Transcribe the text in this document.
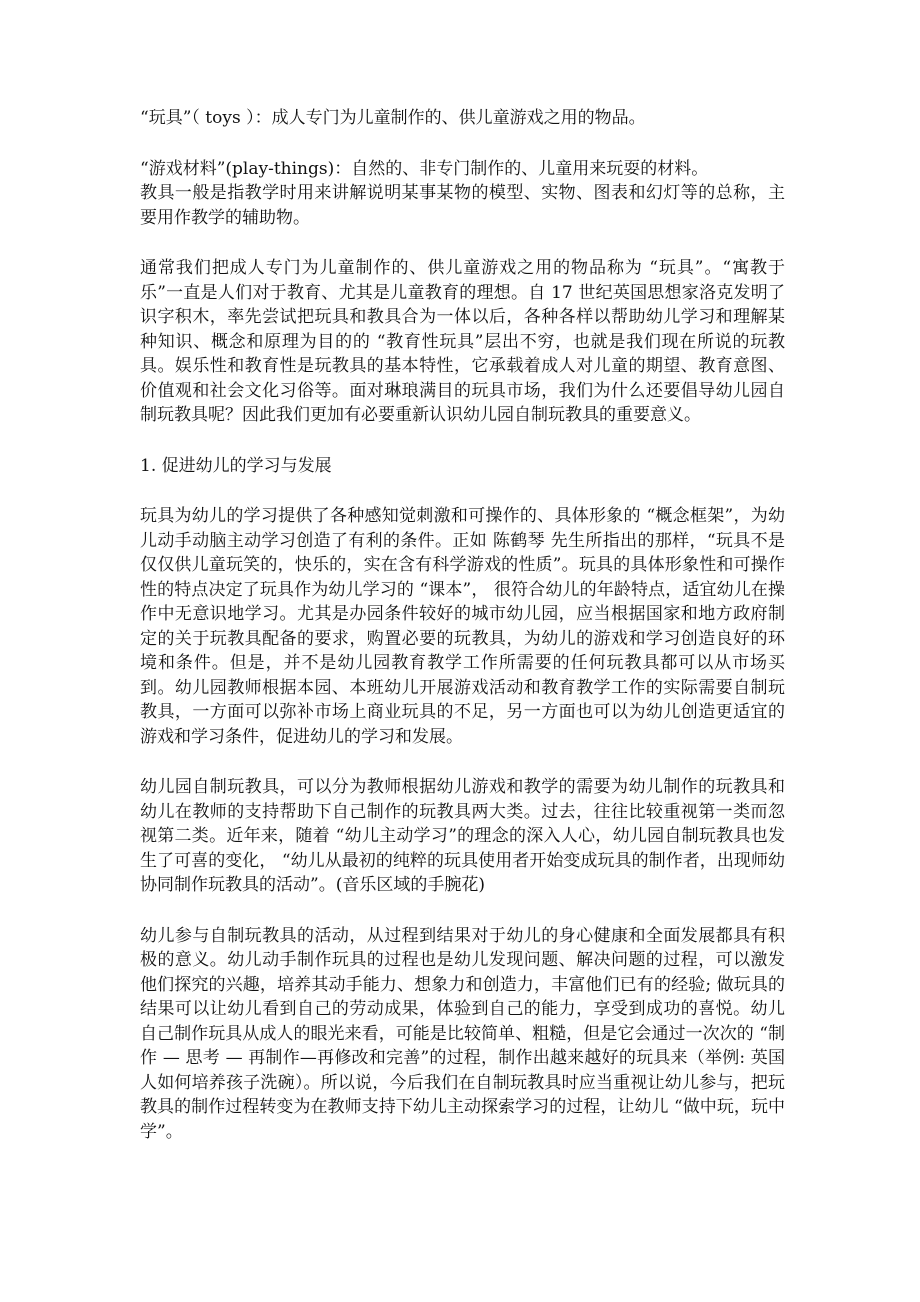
“玩具”（ toys ）：成人专门为儿童制作的、供儿童游戏之用的物品。

“游戏材料”(play-things)：自然的、非专门制作的、儿童用来玩耍的材料。

教具一般是指教学时用来讲解说明某事某物的模型、实物、图表和幻灯等的总称，主要用作教学的辅助物。

通常我们把成人专门为儿童制作的、供儿童游戏之用的物品称为 “玩具”。“寓教于乐”一直是人们对于教育、尤其是儿童教育的理想。自 17 世纪英国思想家洛克发明了识字积木，率先尝试把玩具和教具合为一体以后，各种各样以帮助幼儿学习和理解某种知识、概念和原理为目的的 “教育性玩具”层出不穷，也就是我们现在所说的玩教具。娱乐性和教育性是玩教具的基本特性，它承载着成人对儿童的期望、教育意图、价值观和社会文化习俗等。面对琳琅满目的玩具市场，我们为什么还要倡导幼儿园自制玩教具呢？因此我们更加有必要重新认识幼儿园自制玩教具的重要意义。

1. 促进幼儿的学习与发展

玩具为幼儿的学习提供了各种感知觉刺激和可操作的、具体形象的 “概念框架”，为幼儿动手动脑主动学习创造了有利的条件。正如 陈鹤琴 先生所指出的那样，“玩具不是仅仅供儿童玩笑的，快乐的，实在含有科学游戏的性质”。玩具的具体形象性和可操作性的特点决定了玩具作为幼儿学习的 “课本”， 很符合幼儿的年龄特点，适宜幼儿在操作中无意识地学习。尤其是办园条件较好的城市幼儿园，应当根据国家和地方政府制定的关于玩教具配备的要求，购置必要的玩教具，为幼儿的游戏和学习创造良好的环境和条件。但是，并不是幼儿园教育教学工作所需要的任何玩教具都可以从市场买到。幼儿园教师根据本园、本班幼儿开展游戏活动和教育教学工作的实际需要自制玩教具，一方面可以弥补市场上商业玩具的不足，另一方面也可以为幼儿创造更适宜的游戏和学习条件，促进幼儿的学习和发展。

幼儿园自制玩教具，可以分为教师根据幼儿游戏和教学的需要为幼儿制作的玩教具和幼儿在教师的支持帮助下自己制作的玩教具两大类。过去，往往比较重视第一类而忽视第二类。近年来，随着 “幼儿主动学习”的理念的深入人心，幼儿园自制玩教具也发生了可喜的变化， “幼儿从最初的纯粹的玩具使用者开始变成玩具的制作者，出现师幼协同制作玩教具的活动”。(音乐区域的手腕花)

幼儿参与自制玩教具的活动，从过程到结果对于幼儿的身心健康和全面发展都具有积极的意义。幼儿动手制作玩具的过程也是幼儿发现问题、解决问题的过程，可以激发他们探究的兴趣，培养其动手能力、想象力和创造力，丰富他们已有的经验; 做玩具的结果可以让幼儿看到自己的劳动成果，体验到自己的能力，享受到成功的喜悦。幼儿自己制作玩具从成人的眼光来看，可能是比较简单、粗糙，但是它会通过一次次的 “制作 — 思考 — 再制作—再修改和完善”的过程，制作出越来越好的玩具来（举例: 英国人如何培养孩子洗碗）。所以说，今后我们在自制玩教具时应当重视让幼儿参与，把玩教具的制作过程转变为在教师支持下幼儿主动探索学习的过程，让幼儿 “做中玩，玩中学”。
